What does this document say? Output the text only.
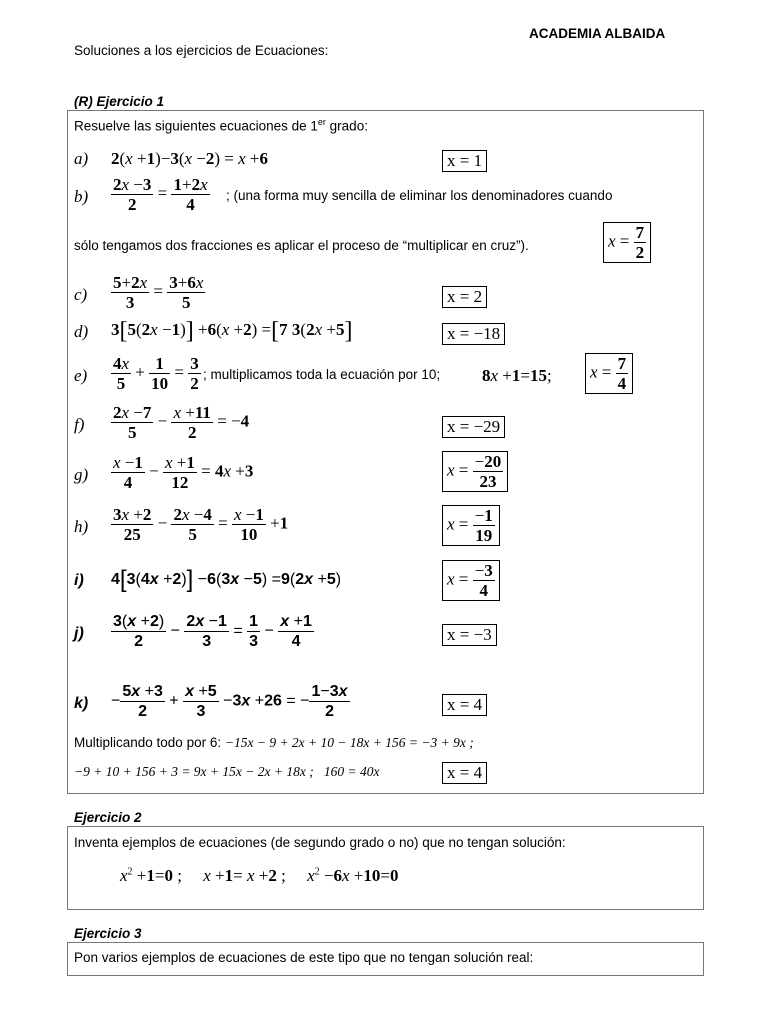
ACADEMIA ALBAIDA
Soluciones a los ejercicios de Ecuaciones:
(R) Ejercicio 1
Resuelve las siguientes ecuaciones de 1er grado:
a) 2(x +1)−3(x −2) = x +6	x = 1
$b) \frac{2x -3}{2} = \frac{1+2x}{4}$ ; (una forma muy sencilla de eliminar los denominadores cuando
sólo tengamos dos fracciones es aplicar el proceso de “multiplicar en cruz”).	$x = \frac{7}{2}$
$c) \frac{5+2x}{3} = \frac{3+6x}{5}$	x = 2
d) 3[5(2x −1)] +6(x +2) =[7 3(2x +5]	x = −18
$e) \frac{4x}{5} + \frac{1}{10} = \frac{3}{2}$ ; multiplicamos toda la ecuación por 10; 8x +1=15; $x = \frac{7}{4}$
$f) \frac{2x -7}{5} - \frac{x +11}{2} = -4$	x = −29
$g) \frac{x -1}{4} - \frac{x +1}{12} = 4x +3$	$x = \frac{-20}{23}$
$h) \frac{3x +2}{25} - \frac{2x -4}{5} = \frac{x -1}{10} +1$	$x = \frac{-1}{19}$
i) 4[3(4x +2)] −6(3x −5) =9(2x +5)	$x = \frac{-3}{4}$
$j) \frac{3(x +2)}{2} - \frac{2x -1}{3} = \frac{1}{3} - \frac{x +1}{4}$	x = −3
$k) - \frac{5x +3}{2} + \frac{x +5}{3} -3x +26$ = − $\frac{1-3x}{2}$	x = 4
Multiplicando todo por 6: −15x − 9 + 2x + 10 − 18x + 156 = −3 + 9x ;
−9 + 10 + 156 + 3 = 9x + 15x − 2x + 18x ;   160 = 40x	x = 4
Ejercicio 2
Inventa ejemplos de ecuaciones (de segundo grado o no) que no tengan solución:
$x^2 +1=0$ ;     x +1= x +2 ;     $x^2 -6x +10=0$
Ejercicio 3
Pon varios ejemplos de ecuaciones de este tipo que no tengan solución real:
